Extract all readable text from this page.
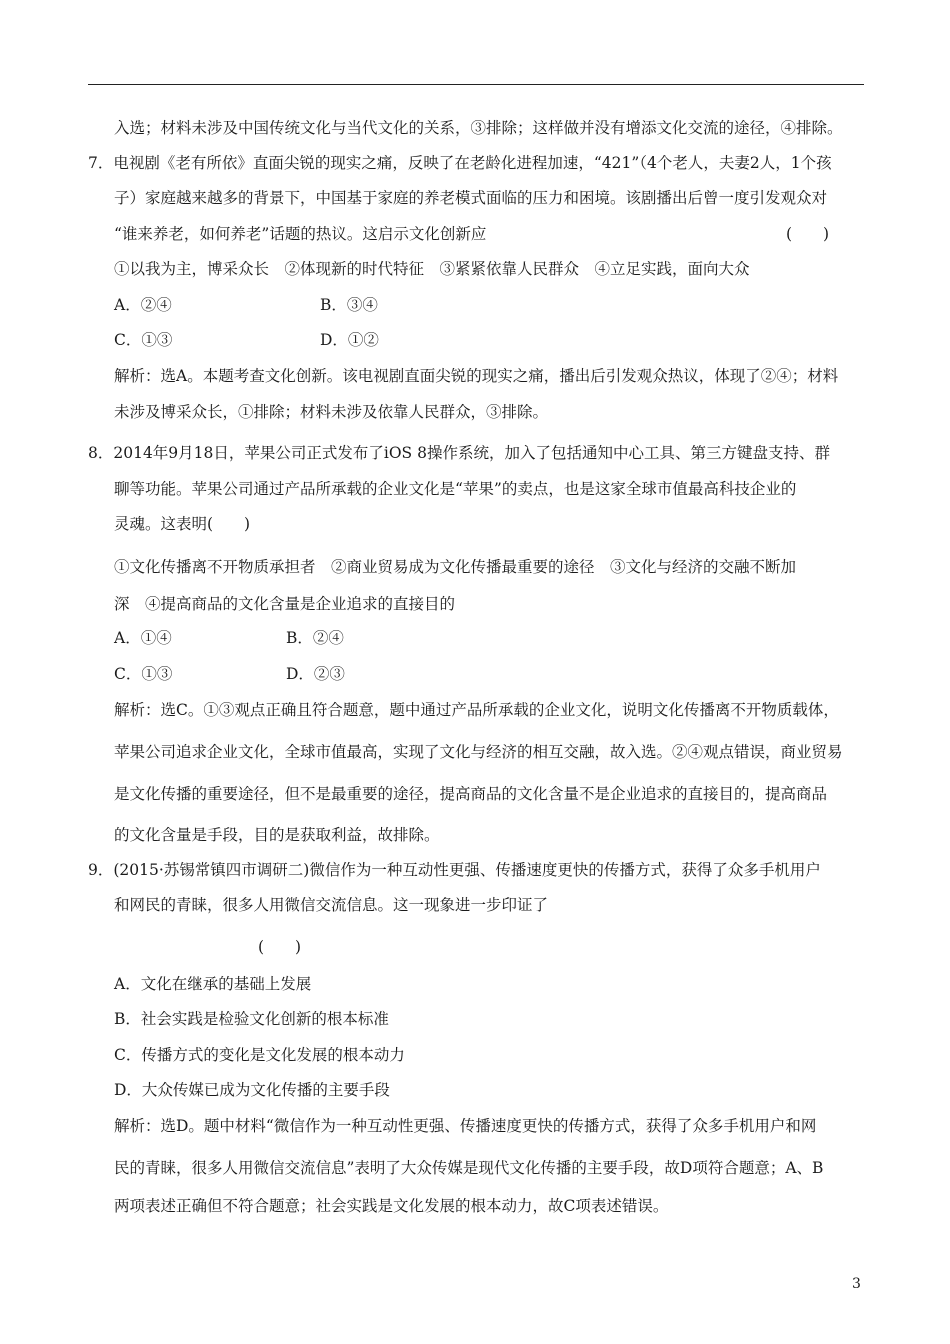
入选；材料未涉及中国传统文化与当代文化的关系，③排除；这样做并没有增添文化交流的途径，④排除。
7．电视剧《老有所依》直面尖锐的现实之痛，反映了在老龄化进程加速，“421”（4个老人，夫妻2人，1个孩
子）家庭越来越多的背景下，中国基于家庭的养老模式面临的压力和困境。该剧播出后曾一度引发观众对
“谁来养老，如何养老”话题的热议。这启示文化创新应	(　　)
①以我为主，博采众长　②体现新的时代特征　③紧紧依靠人民群众　④立足实践，面向大众
A．②④	B．③④
C．①③	D．①②
解析：选A。本题考查文化创新。该电视剧直面尖锐的现实之痛，播出后引发观众热议，体现了②④；材料
未涉及博采众长，①排除；材料未涉及依靠人民群众，③排除。
8．2014年9月18日，苹果公司正式发布了iOS 8操作系统，加入了包括通知中心工具、第三方键盘支持、群
聊等功能。苹果公司通过产品所承载的企业文化是“苹果”的卖点，也是这家全球市值最高科技企业的
灵魂。这表明(　　)
①文化传播离不开物质承担者　②商业贸易成为文化传播最重要的途径　③文化与经济的交融不断加
深　④提高商品的文化含量是企业追求的直接目的
A．①④	B．②④
C．①③	D．②③
解析：选C。①③观点正确且符合题意，题中通过产品所承载的企业文化，说明文化传播离不开物质载体，
苹果公司追求企业文化，全球市值最高，实现了文化与经济的相互交融，故入选。②④观点错误，商业贸易
是文化传播的重要途径，但不是最重要的途径，提高商品的文化含量不是企业追求的直接目的，提高商品
的文化含量是手段，目的是获取利益，故排除。
9．(2015·苏锡常镇四市调研二)微信作为一种互动性更强、传播速度更快的传播方式，获得了众多手机用户
和网民的青睐，很多人用微信交流信息。这一现象进一步印证了
(　　)
A．文化在继承的基础上发展
B．社会实践是检验文化创新的根本标准
C．传播方式的变化是文化发展的根本动力
D．大众传媒已成为文化传播的主要手段
解析：选D。题中材料“微信作为一种互动性更强、传播速度更快的传播方式，获得了众多手机用户和网
民的青睐，很多人用微信交流信息”表明了大众传媒是现代文化传播的主要手段，故D项符合题意；A、B
两项表述正确但不符合题意；社会实践是文化发展的根本动力，故C项表述错误。
3
